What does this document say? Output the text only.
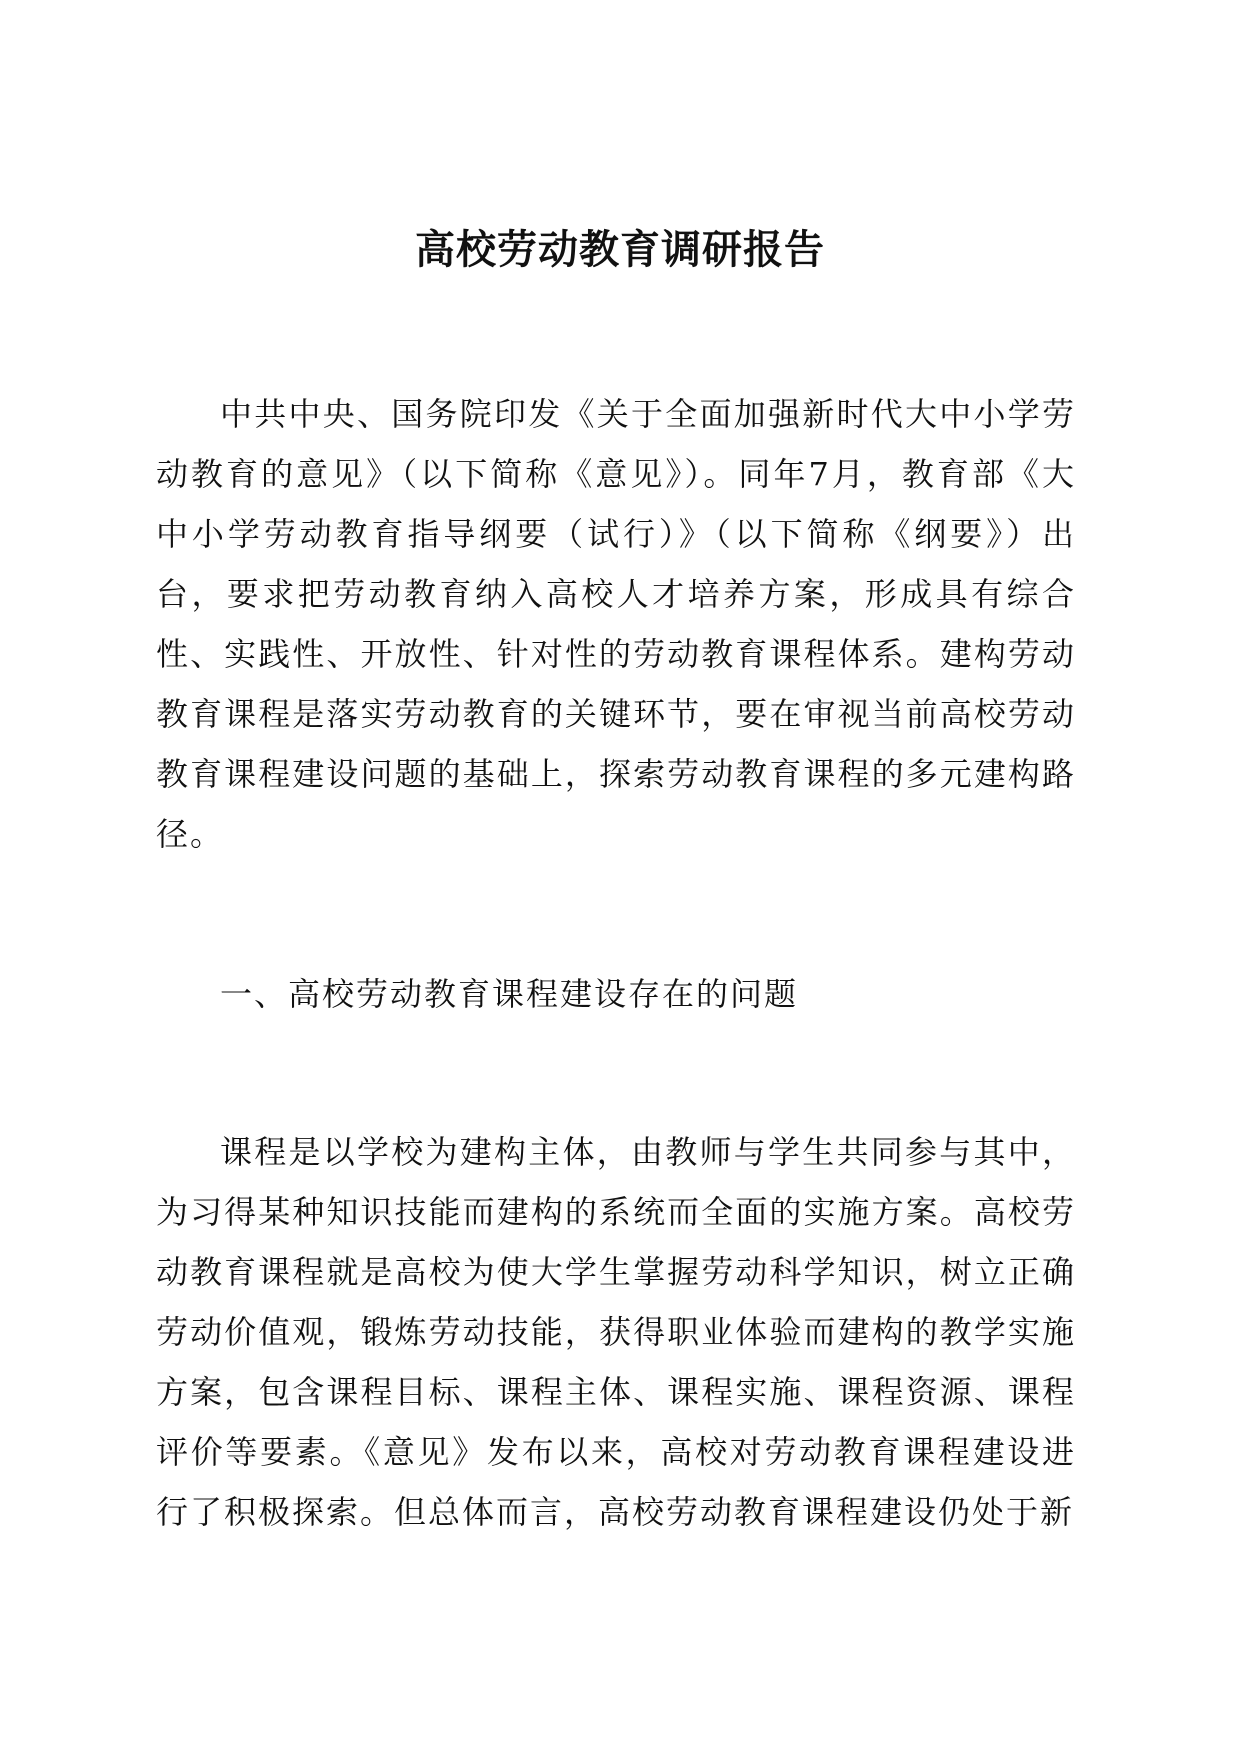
高校劳动教育调研报告

中共中央、国务院印发《关于全面加强新时代大中小学劳动教育的意见》（以下简称《意见》）。同年7月，教育部《大中小学劳动教育指导纲要（试行）》（以下简称《纲要》）出台，要求把劳动教育纳入高校人才培养方案，形成具有综合性、实践性、开放性、针对性的劳动教育课程体系。建构劳动教育课程是落实劳动教育的关键环节，要在审视当前高校劳动教育课程建设问题的基础上，探索劳动教育课程的多元建构路径。

一、高校劳动教育课程建设存在的问题

课程是以学校为建构主体，由教师与学生共同参与其中，为习得某种知识技能而建构的系统而全面的实施方案。高校劳动教育课程就是高校为使大学生掌握劳动科学知识，树立正确劳动价值观，锻炼劳动技能，获得职业体验而建构的教学实施方案，包含课程目标、课程主体、课程实施、课程资源、课程评价等要素。《意见》发布以来，高校对劳动教育课程建设进行了积极探索。但总体而言，高校劳动教育课程建设仍处于新
